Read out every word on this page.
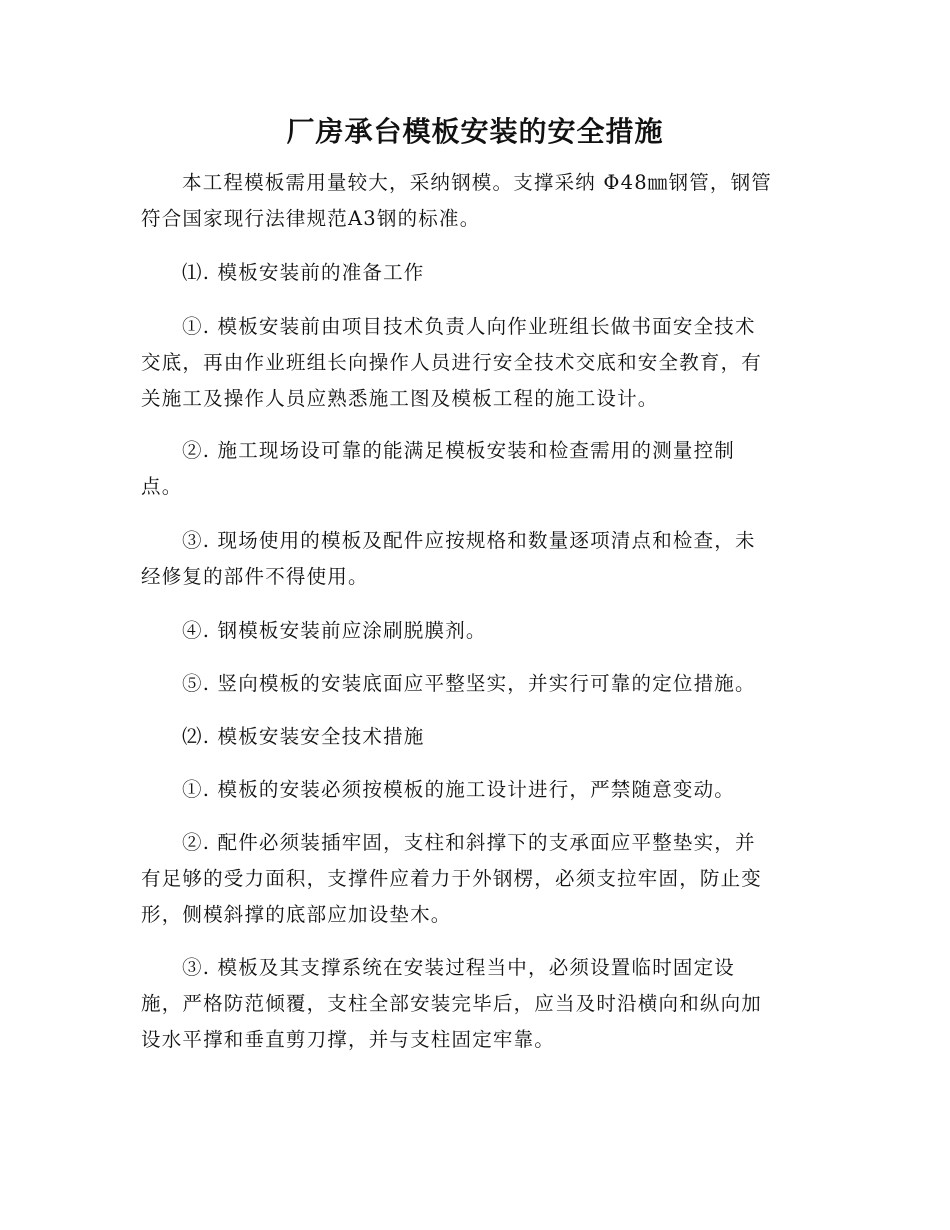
厂房承台模板安装的安全措施

本工程模板需用量较大，采纳钢模。支撑采纳 Φ48㎜钢管，钢管
符合国家现行法律规范A3钢的标准。

⑴. 模板安装前的准备工作

①. 模板安装前由项目技术负责人向作业班组长做书面安全技术
交底，再由作业班组长向操作人员进行安全技术交底和安全教育，有
关施工及操作人员应熟悉施工图及模板工程的施工设计。

②. 施工现场设可靠的能满足模板安装和检查需用的测量控制
点。

③. 现场使用的模板及配件应按规格和数量逐项清点和检查，未
经修复的部件不得使用。

④. 钢模板安装前应涂刷脱膜剂。

⑤. 竖向模板的安装底面应平整坚实，并实行可靠的定位措施。

⑵. 模板安装安全技术措施

①. 模板的安装必须按模板的施工设计进行，严禁随意变动。

②. 配件必须装插牢固，支柱和斜撑下的支承面应平整垫实，并
有足够的受力面积，支撑件应着力于外钢楞，必须支拉牢固，防止变
形，侧模斜撑的底部应加设垫木。

③. 模板及其支撑系统在安装过程当中，必须设置临时固定设
施，严格防范倾覆，支柱全部安装完毕后，应当及时沿横向和纵向加
设水平撑和垂直剪刀撑，并与支柱固定牢靠。
